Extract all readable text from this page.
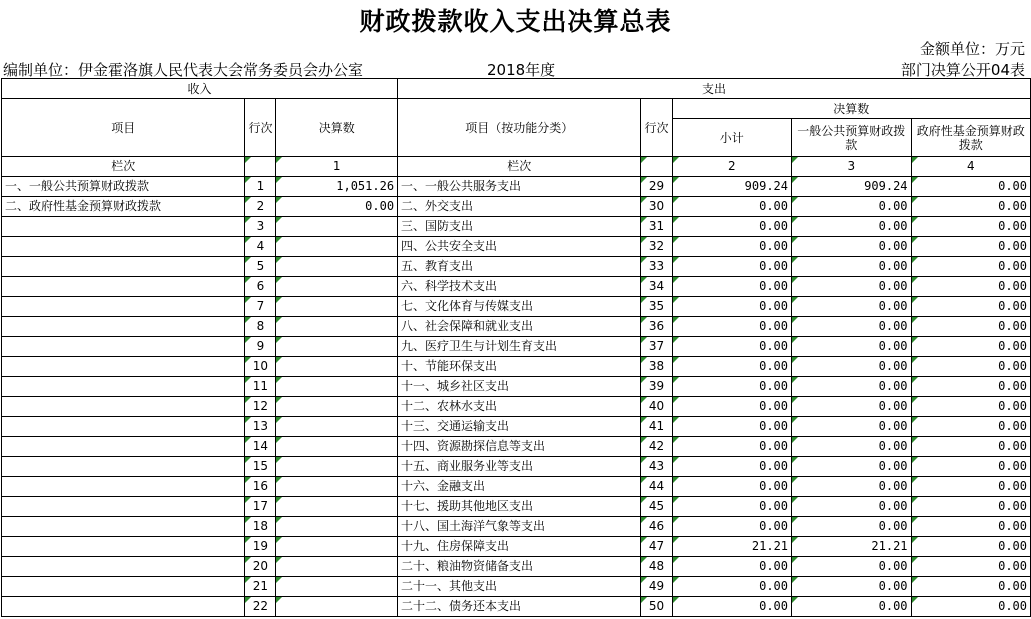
财政拨款收入支出决算总表
金额单位：万元
编制单位：伊金霍洛旗人民代表大会常务委员会办公室	2018年度	部门决算公开04表
收入			支出				
项目	行次	决算数	项目（按功能分类）	行次	决算数		
					小计	一般公共预算财政拨款	政府性基金预算财政拨款
栏次		1	栏次		2	3	4
一、一般公共预算财政拨款	1	1,051.26	一、一般公共服务支出	29	909.24	909.24	0.00
二、政府性基金预算财政拨款	2	0.00	二、外交支出	30	0.00	0.00	0.00
	3		三、国防支出	31	0.00	0.00	0.00
	4		四、公共安全支出	32	0.00	0.00	0.00
	5		五、教育支出	33	0.00	0.00	0.00
	6		六、科学技术支出	34	0.00	0.00	0.00
	7		七、文化体育与传媒支出	35	0.00	0.00	0.00
	8		八、社会保障和就业支出	36	0.00	0.00	0.00
	9		九、医疗卫生与计划生育支出	37	0.00	0.00	0.00
	10		十、节能环保支出	38	0.00	0.00	0.00
	11		十一、城乡社区支出	39	0.00	0.00	0.00
	12		十二、农林水支出	40	0.00	0.00	0.00
	13		十三、交通运输支出	41	0.00	0.00	0.00
	14		十四、资源勘探信息等支出	42	0.00	0.00	0.00
	15		十五、商业服务业等支出	43	0.00	0.00	0.00
	16		十六、金融支出	44	0.00	0.00	0.00
	17		十七、援助其他地区支出	45	0.00	0.00	0.00
	18		十八、国土海洋气象等支出	46	0.00	0.00	0.00
	19		十九、住房保障支出	47	21.21	21.21	0.00
	20		二十、粮油物资储备支出	48	0.00	0.00	0.00
	21		二十一、其他支出	49	0.00	0.00	0.00
	22		二十二、债务还本支出	50	0.00	0.00	0.00
